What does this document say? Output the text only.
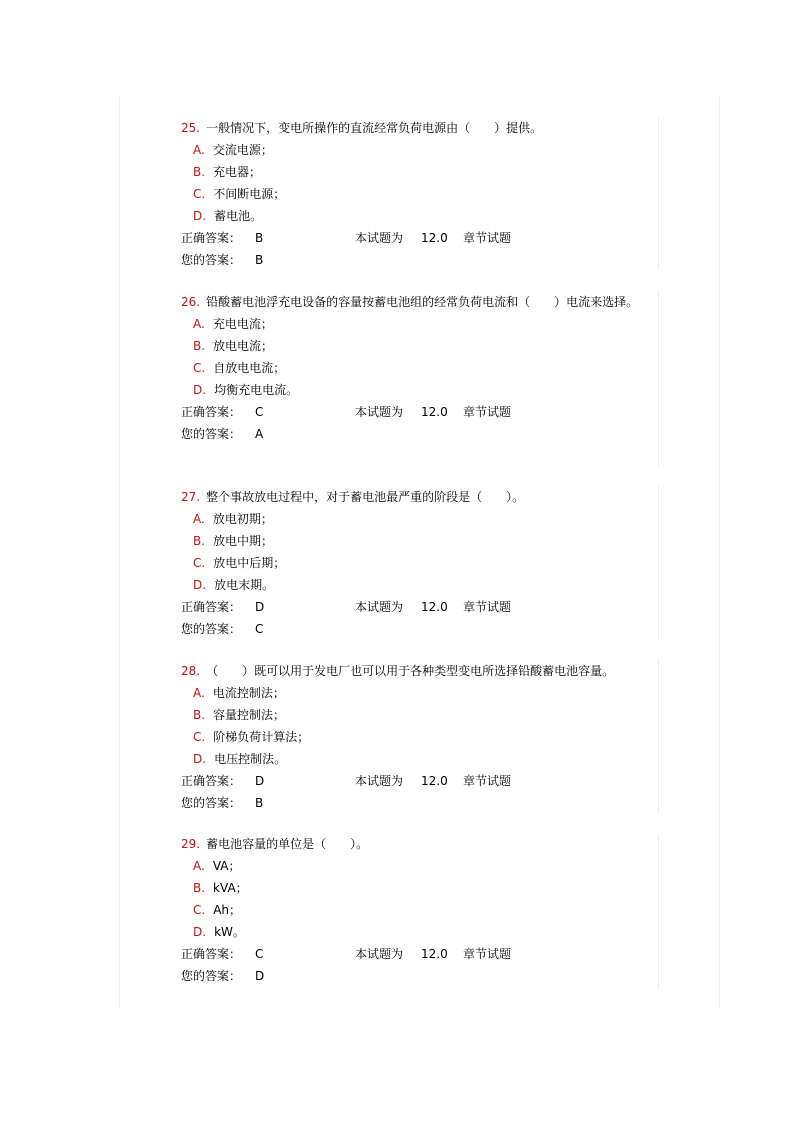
25. 一般情况下，变电所操作的直流经常负荷电源由（　　）提供。
A. 交流电源；
B. 充电器；
C. 不间断电源；
D. 蓄电池。
正确答案：	B	本试题为	12.0	章节试题
您的答案：	B
26. 铅酸蓄电池浮充电设备的容量按蓄电池组的经常负荷电流和（　　）电流来选择。
A. 充电电流；
B. 放电电流；
C. 自放电电流；
D. 均衡充电电流。
正确答案：	C	本试题为	12.0	章节试题
您的答案：	A
27. 整个事故放电过程中，对于蓄电池最严重的阶段是（　　）。
A. 放电初期；
B. 放电中期；
C. 放电中后期；
D. 放电末期。
正确答案：	D	本试题为	12.0	章节试题
您的答案：	C
28. （　　）既可以用于发电厂也可以用于各种类型变电所选择铅酸蓄电池容量。
A. 电流控制法；
B. 容量控制法；
C. 阶梯负荷计算法；
D. 电压控制法。
正确答案：	D	本试题为	12.0	章节试题
您的答案：	B
29. 蓄电池容量的单位是（　　）。
A. VA；
B. kVA；
C. Ah；
D. kW。
正确答案：	C	本试题为	12.0	章节试题
您的答案：	D
